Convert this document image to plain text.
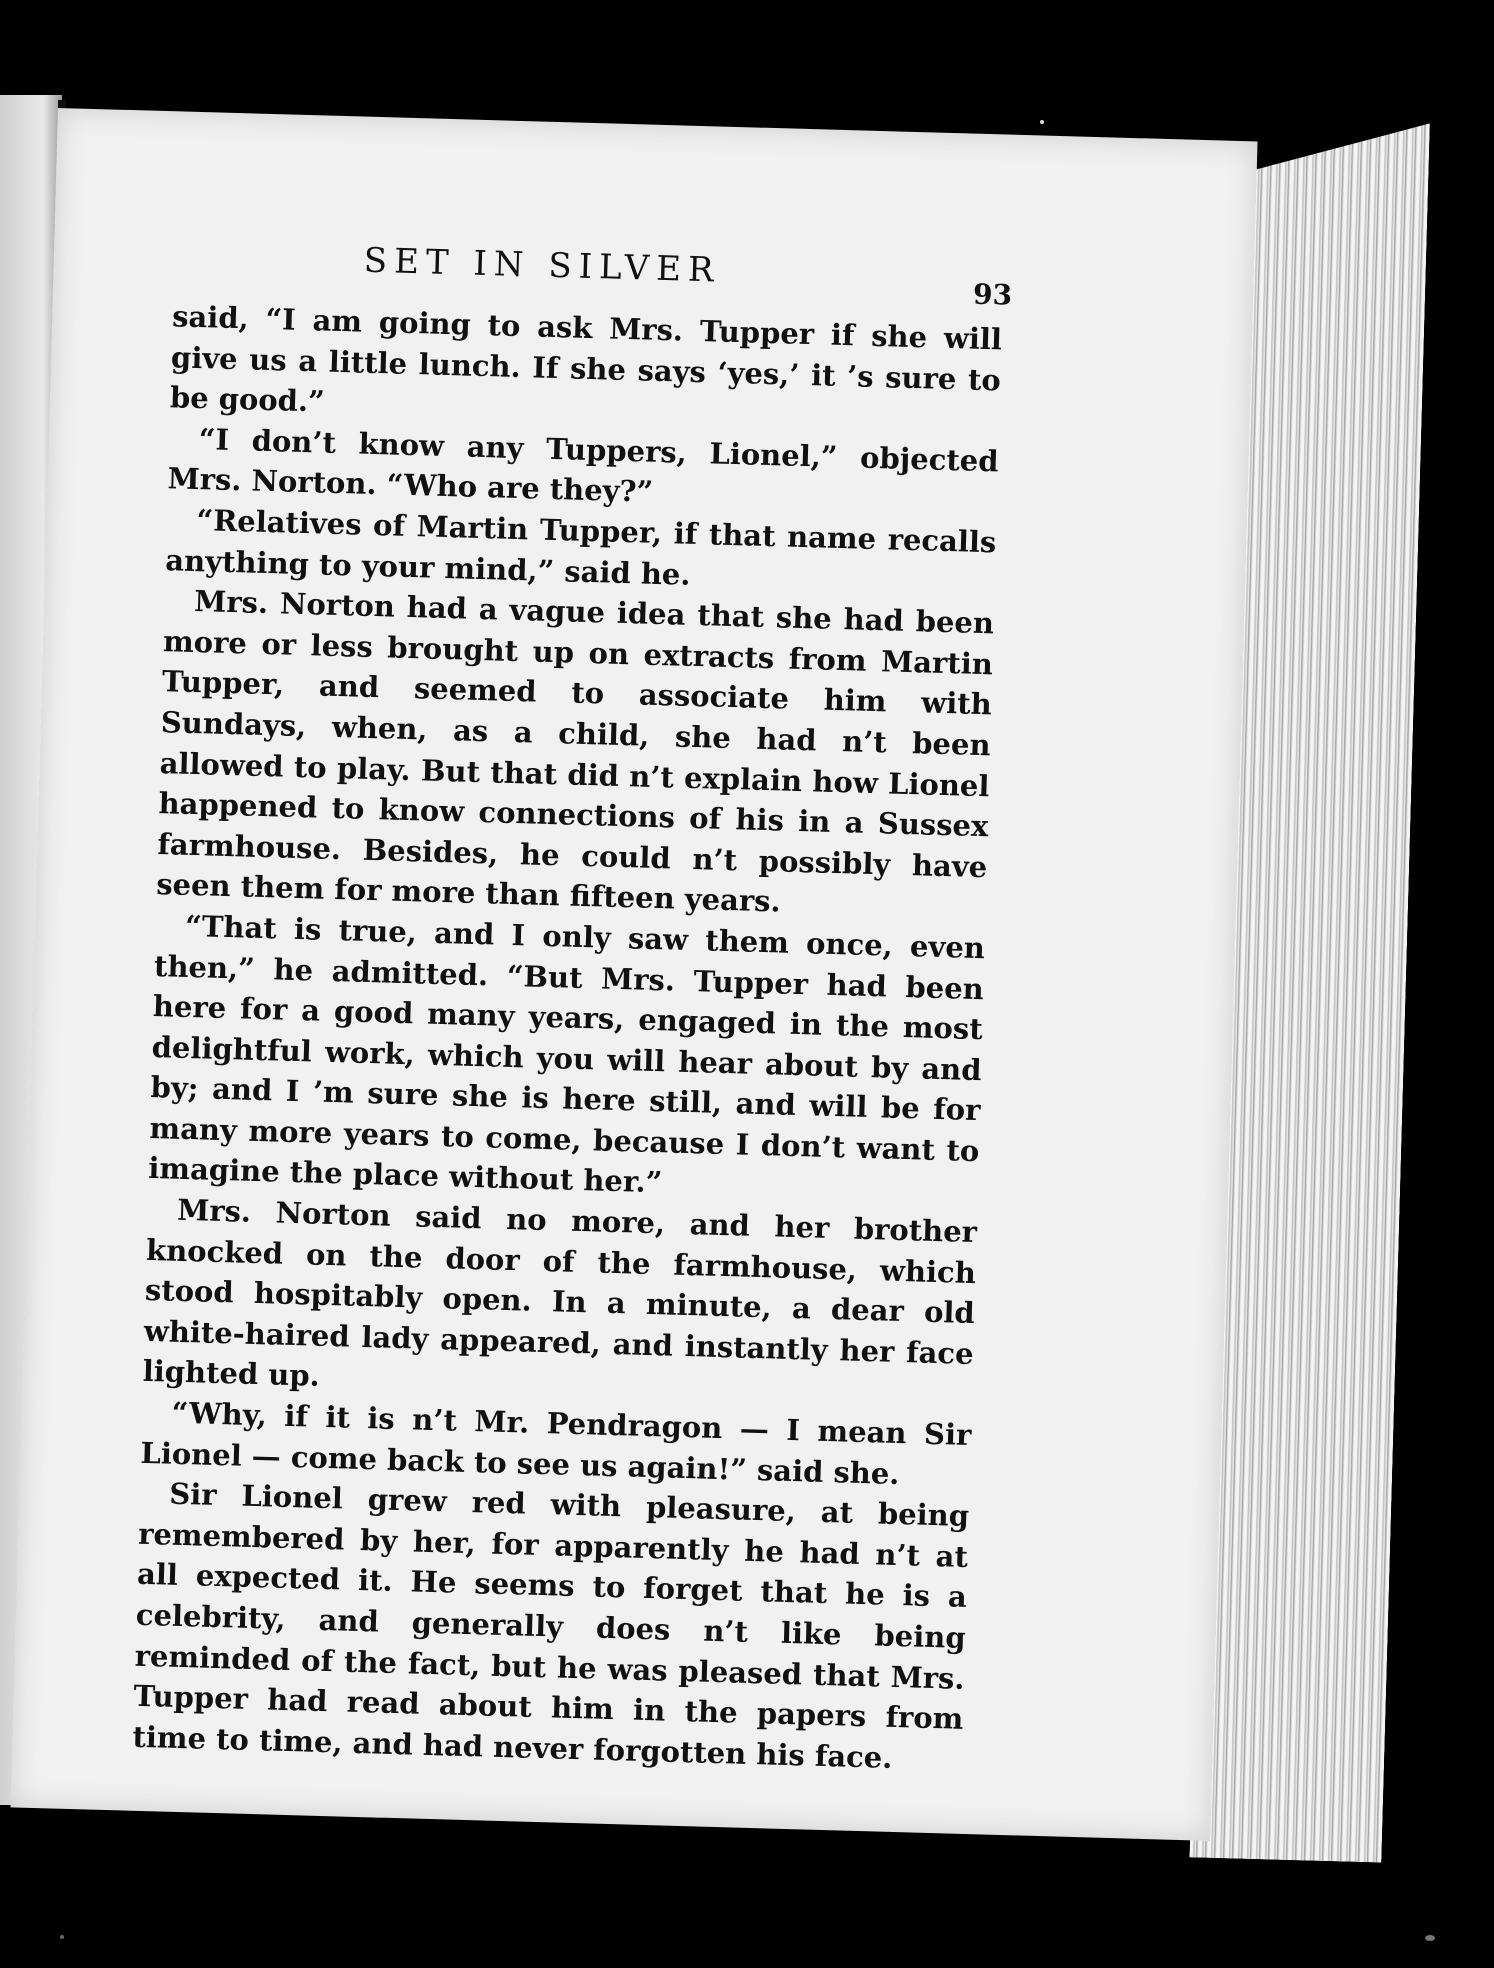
SET IN SILVER
93

said, “I am going to ask Mrs. Tupper if she will give us a little lunch. If she says ‘yes,’ it ’s sure to be good.”

“I don’t know any Tuppers, Lionel,” objected Mrs. Norton. “Who are they?”

“Relatives of Martin Tupper, if that name recalls anything to your mind,” said he.

Mrs. Norton had a vague idea that she had been more or less brought up on extracts from Martin Tupper, and seemed to associate him with Sundays, when, as a child, she had n’t been allowed to play. But that did n’t explain how Lionel happened to know connections of his in a Sussex farmhouse. Besides, he could n’t possibly have seen them for more than fifteen years.

“That is true, and I only saw them once, even then,” he admitted. “But Mrs. Tupper had been here for a good many years, engaged in the most delightful work, which you will hear about by and by; and I ’m sure she is here still, and will be for many more years to come, because I don’t want to imagine the place without her.”

Mrs. Norton said no more, and her brother knocked on the door of the farmhouse, which stood hospitably open. In a minute, a dear old white-haired lady appeared, and instantly her face lighted up.

“Why, if it is n’t Mr. Pendragon — I mean Sir Lionel — come back to see us again!” said she.

Sir Lionel grew red with pleasure, at being remembered by her, for apparently he had n’t at all expected it. He seems to forget that he is a celebrity, and generally does n’t like being reminded of the fact, but he was pleased that Mrs. Tupper had read about him in the papers from time to time, and had never forgotten his face.
